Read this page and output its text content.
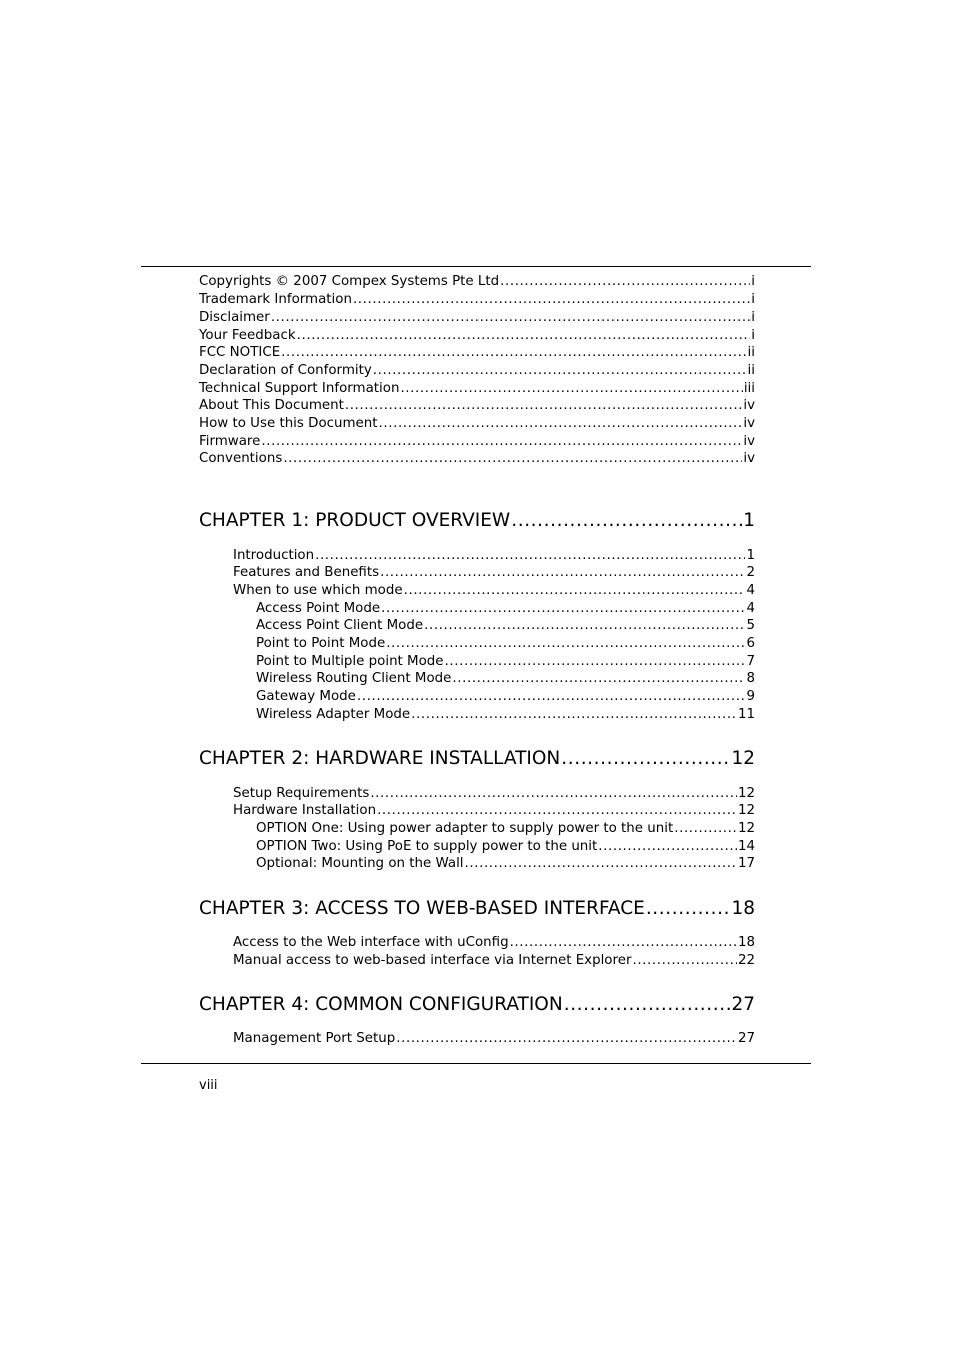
Copyrights © 2007 Compex Systems Pte Ltd .....	i
Trademark Information .....	i
Disclaimer .....	i
Your Feedback .....	i
FCC NOTICE .....	ii
Declaration of Conformity .....	ii
Technical Support Information .....	iii
About This Document .....	iv
How to Use this Document .....	iv
Firmware .....	iv
Conventions .....	iv
CHAPTER 1: PRODUCT OVERVIEW .....	1
Introduction .....	1
Features and Benefits .....	2
When to use which mode .....	4
Access Point Mode .....	4
Access Point Client Mode .....	5
Point to Point Mode .....	6
Point to Multiple point Mode .....	7
Wireless Routing Client Mode .....	8
Gateway Mode .....	9
Wireless Adapter Mode .....	11
CHAPTER 2: HARDWARE INSTALLATION .....	12
Setup Requirements .....	12
Hardware Installation .....	12
OPTION One: Using power adapter to supply power to the unit .....	12
OPTION Two: Using PoE to supply power to the unit .....	14
Optional: Mounting on the Wall .....	17
CHAPTER 3: ACCESS TO WEB-BASED INTERFACE .....	18
Access to the Web interface with uConfig .....	18
Manual access to web-based interface via Internet Explorer .....	22
CHAPTER 4: COMMON CONFIGURATION .....	27
Management Port Setup .....	27
viii
